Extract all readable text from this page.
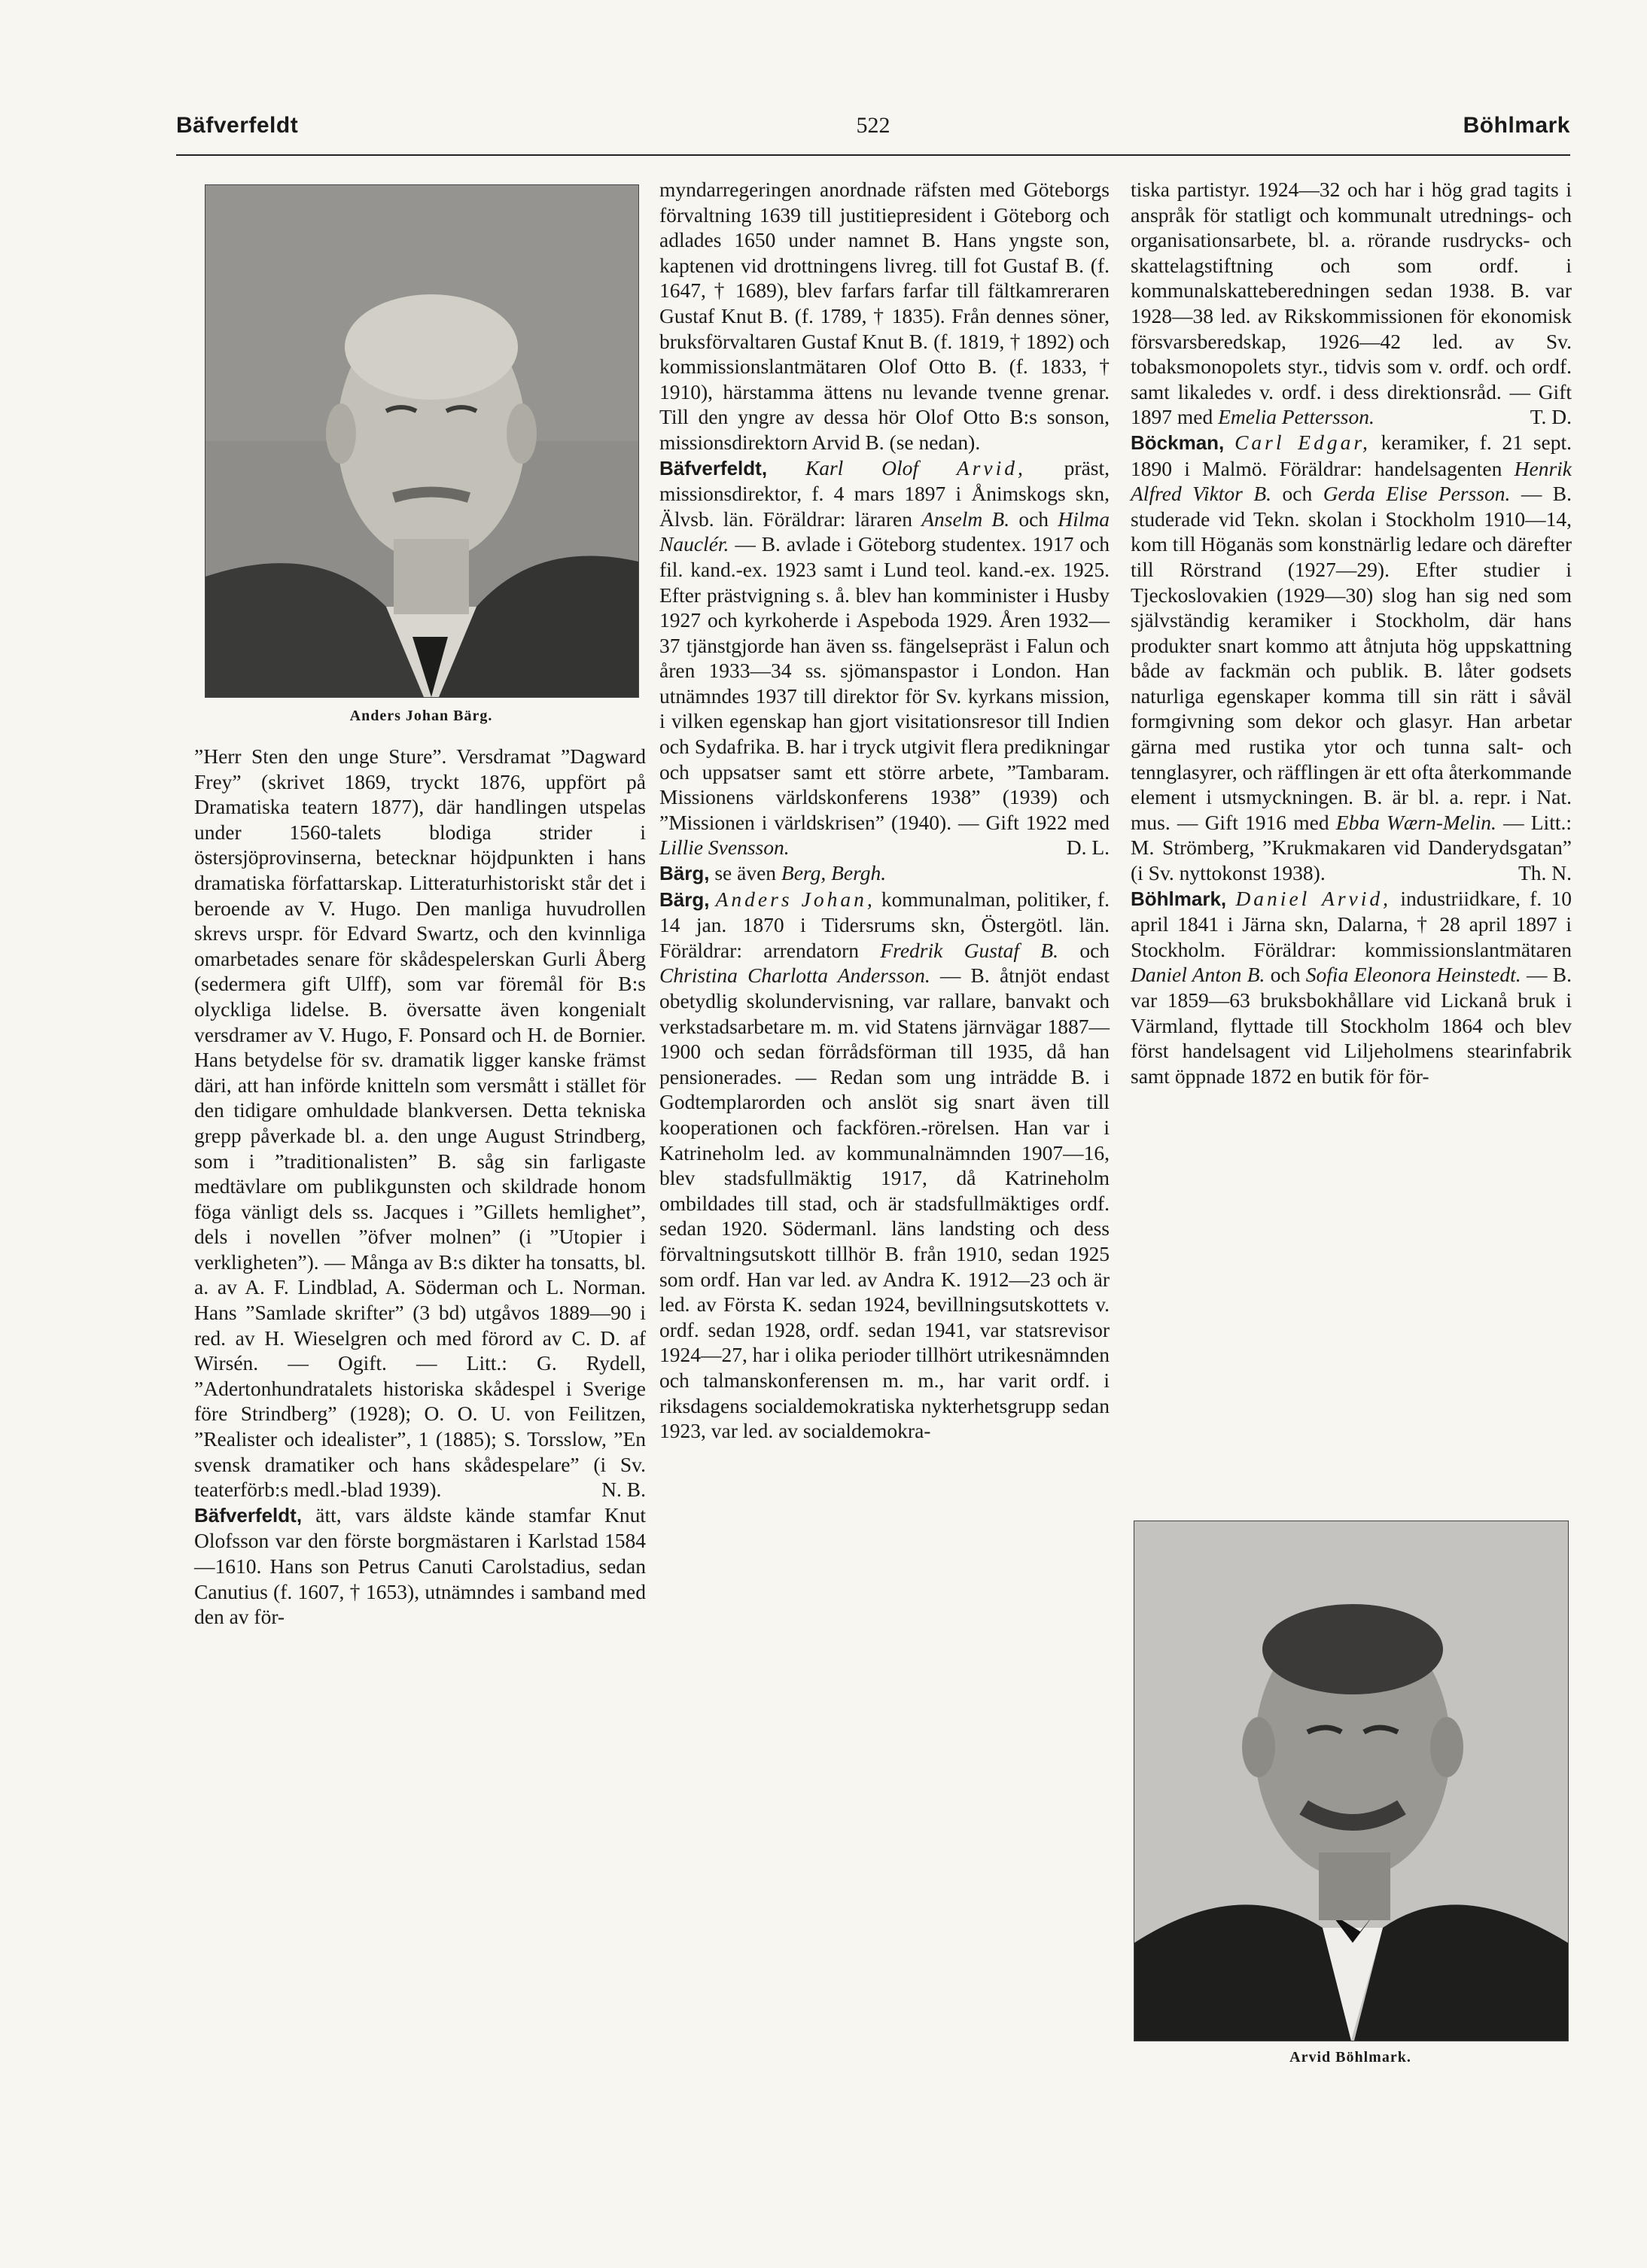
Bäfverfeldt	522	Böhlmark
Anders Johan Bärg.
Arvid Böhlmark.

”Herr Sten den unge Sture”. Versdramat ”Dagward Frey” (skrivet 1869, tryckt 1876, uppfört på Dramatiska teatern 1877), där handlingen utspelas under 1560-talets blodiga strider i östersjöprovinserna, betecknar höjdpunkten i hans dramatiska författarskap. Litteraturhistoriskt står det i beroende av V. Hugo. Den manliga huvudrollen skrevs urspr. för Edvard Swartz, och den kvinnliga omarbetades senare för skådespelerskan Gurli Åberg (sedermera gift Ulff), som var föremål för B:s olyckliga lidelse. B. översatte även kongenialt versdramer av V. Hugo, F. Ponsard och H. de Bornier. Hans betydelse för sv. dramatik ligger kanske främst däri, att han införde knitteln som versmått i stället för den tidigare omhuldade blankversen. Detta tekniska grepp påverkade bl. a. den unge August Strindberg, som i ”traditionalisten” B. såg sin farligaste medtävlare om publikgunsten och skildrade honom föga vänligt dels ss. Jacques i ”Gillets hemlighet”, dels i novellen ”öfver molnen” (i ”Utopier i verkligheten”). — Många av B:s dikter ha tonsatts, bl. a. av A. F. Lindblad, A. Söderman och L. Norman. Hans ”Samlade skrifter” (3 bd) utgåvos 1889—90 i red. av H. Wieselgren och med förord av C. D. af Wirsén. — Ogift. — Litt.: G. Rydell, ”Adertonhundratalets historiska skådespel i Sverige före Strindberg” (1928); O. O. U. von Feilitzen, ”Realister och idealister”, 1 (1885); S. Torsslow, ”En svensk dramatiker och hans skådespelare” (i Sv. teaterförb:s medl.-blad 1939).	N. B.

Bäfverfeldt, ätt, vars äldste kände stamfar Knut Olofsson var den förste borgmästaren i Karlstad 1584—1610. Hans son Petrus Canuti Carolstadius, sedan Canutius (f. 1607, † 1653), utnämndes i samband med den av för-

myndarregeringen anordnade räfsten med Göteborgs förvaltning 1639 till justitiepresident i Göteborg och adlades 1650 under namnet B. Hans yngste son, kaptenen vid drottningens livreg. till fot Gustaf B. (f. 1647, † 1689), blev farfars farfar till fältkamreraren Gustaf Knut B. (f. 1789, † 1835). Från dennes söner, bruksförvaltaren Gustaf Knut B. (f. 1819, † 1892) och kommissionslantmätaren Olof Otto B. (f. 1833, † 1910), härstamma ättens nu levande tvenne grenar. Till den yngre av dessa hör Olof Otto B:s sonson, missionsdirektorn Arvid B. (se nedan).

Bäfverfeldt, Karl Olof Arvid, präst, missionsdirektor, f. 4 mars 1897 i Ånimskogs skn, Älvsb. län. Föräldrar: läraren Anselm B. och Hilma Nauclér. — B. avlade i Göteborg studentex. 1917 och fil. kand.-ex. 1923 samt i Lund teol. kand.-ex. 1925. Efter prästvigning s. å. blev han komminister i Husby 1927 och kyrkoherde i Aspeboda 1929. Åren 1932—37 tjänstgjorde han även ss. fängelsepräst i Falun och åren 1933—34 ss. sjömanspastor i London. Han utnämndes 1937 till direktor för Sv. kyrkans mission, i vilken egenskap han gjort visitationsresor till Indien och Sydafrika. B. har i tryck utgivit flera predikningar och uppsatser samt ett större arbete, ”Tambaram. Missionens världskonferens 1938” (1939) och ”Missionen i världskrisen” (1940). — Gift 1922 med Lillie Svensson.	D. L.

Bärg, se även Berg, Bergh.

Bärg, Anders Johan, kommunalman, politiker, f. 14 jan. 1870 i Tidersrums skn, Östergötl. län. Föräldrar: arrendatorn Fredrik Gustaf B. och Christina Charlotta Andersson. — B. åtnjöt endast obetydlig skolundervisning, var rallare, banvakt och verkstadsarbetare m. m. vid Statens järnvägar 1887—1900 och sedan förrådsförman till 1935, då han pensionerades. — Redan som ung inträdde B. i Godtemplarorden och anslöt sig snart även till kooperationen och fackfören.-rörelsen. Han var i Katrineholm led. av kommunalnämnden 1907—16, blev stadsfullmäktig 1917, då Katrineholm ombildades till stad, och är stadsfullmäktiges ordf. sedan 1920. Södermanl. läns landsting och dess förvaltningsutskott tillhör B. från 1910, sedan 1925 som ordf. Han var led. av Andra K. 1912—23 och är led. av Första K. sedan 1924, bevillningsutskottets v. ordf. sedan 1928, ordf. sedan 1941, var statsrevisor 1924—27, har i olika perioder tillhört utrikesnämnden och talmanskonferensen m. m., har varit ordf. i riksdagens socialdemokratiska nykterhetsgrupp sedan 1923, var led. av socialdemokra-

tiska partistyr. 1924—32 och har i hög grad tagits i anspråk för statligt och kommunalt utrednings- och organisationsarbete, bl. a. rörande rusdrycks- och skattelagstiftning och som ordf. i kommunalskatteberedningen sedan 1938. B. var 1928—38 led. av Rikskommissionen för ekonomisk försvarsberedskap, 1926—42 led. av Sv. tobaksmonopolets styr., tidvis som v. ordf. och ordf. samt likaledes v. ordf. i dess direktionsråd. — Gift 1897 med Emelia Pettersson.	T. D.

Böckman, Carl Edgar, keramiker, f. 21 sept. 1890 i Malmö. Föräldrar: handelsagenten Henrik Alfred Viktor B. och Gerda Elise Persson. — B. studerade vid Tekn. skolan i Stockholm 1910—14, kom till Höganäs som konstnärlig ledare och därefter till Rörstrand (1927—29). Efter studier i Tjeckoslovakien (1929—30) slog han sig ned som självständig keramiker i Stockholm, där hans produkter snart kommo att åtnjuta hög uppskattning både av fackmän och publik. B. låter godsets naturliga egenskaper komma till sin rätt i såväl formgivning som dekor och glasyr. Han arbetar gärna med rustika ytor och tunna salt- och tennglasyrer, och räfflingen är ett ofta återkommande element i utsmyckningen. B. är bl. a. repr. i Nat. mus. — Gift 1916 med Ebba Wærn-Melin. — Litt.: M. Strömberg, ”Krukmakaren vid Danderydsgatan” (i Sv. nyttokonst 1938).	Th. N.

Böhlmark, Daniel Arvid, industriidkare, f. 10 april 1841 i Järna skn, Dalarna, † 28 april 1897 i Stockholm. Föräldrar: kommissionslantmätaren Daniel Anton B. och Sofia Eleonora Heinstedt. — B. var 1859—63 bruksbokhållare vid Lickanå bruk i Värmland, flyttade till Stockholm 1864 och blev först handelsagent vid Liljeholmens stearinfabrik samt öppnade 1872 en butik för för-
